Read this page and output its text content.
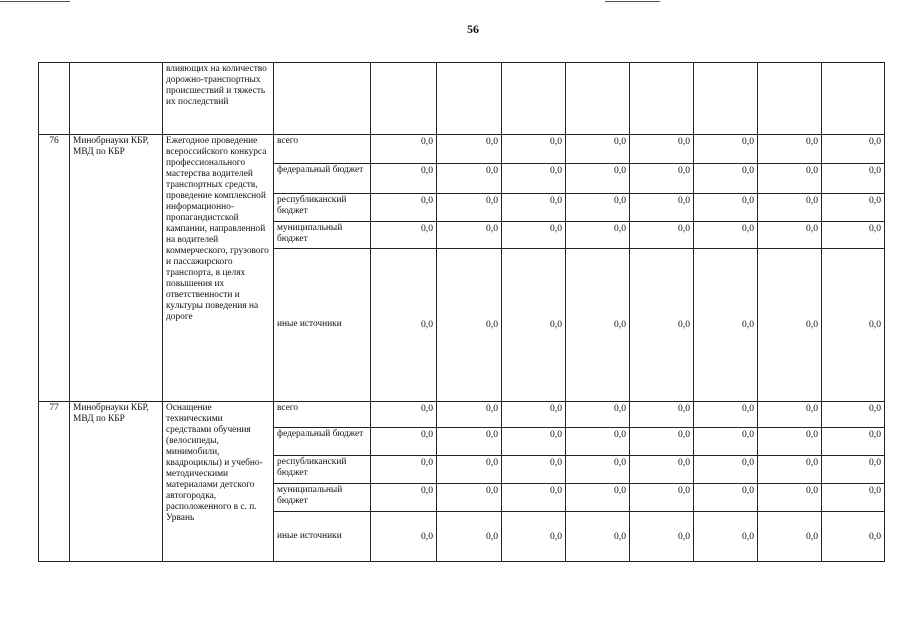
56
		влияющих на количество дорожно-транспортных происшествий и тяжесть их последствий									
76	Минобрнауки КБР, МВД по КБР	Ежегодное проведение всероссийского конкурса профессионального мастерства водителей транспортных средств, проведение комплексной информационно-пропагандистской кампании, направленной на водителей коммерческого, грузового и пассажирского транспорта, в целях повышения их ответственности и культуры поведения на дороге	всего	0,0	0,0	0,0	0,0	0,0	0,0	0,0	0,0
			федеральный бюджет	0,0	0,0	0,0	0,0	0,0	0,0	0,0	0,0
			республиканский бюджет	0,0	0,0	0,0	0,0	0,0	0,0	0,0	0,0
			муниципальный бюджет	0,0	0,0	0,0	0,0	0,0	0,0	0,0	0,0
			иные источники	0,0	0,0	0,0	0,0	0,0	0,0	0,0	0,0
77	Минобрнауки КБР, МВД по КБР	Оснащение техническими средствами обучения (велосипеды, минимобили, квадроциклы) и учебно-методическими материалами детского автогородка, расположенного в с. п. Урвань	всего	0,0	0,0	0,0	0,0	0,0	0,0	0,0	0,0
			федеральный бюджет	0,0	0,0	0,0	0,0	0,0	0,0	0,0	0,0
			республиканский бюджет	0,0	0,0	0,0	0,0	0,0	0,0	0,0	0,0
			муниципальный бюджет	0,0	0,0	0,0	0,0	0,0	0,0	0,0	0,0
			иные источники	0,0	0,0	0,0	0,0	0,0	0,0	0,0	0,0
